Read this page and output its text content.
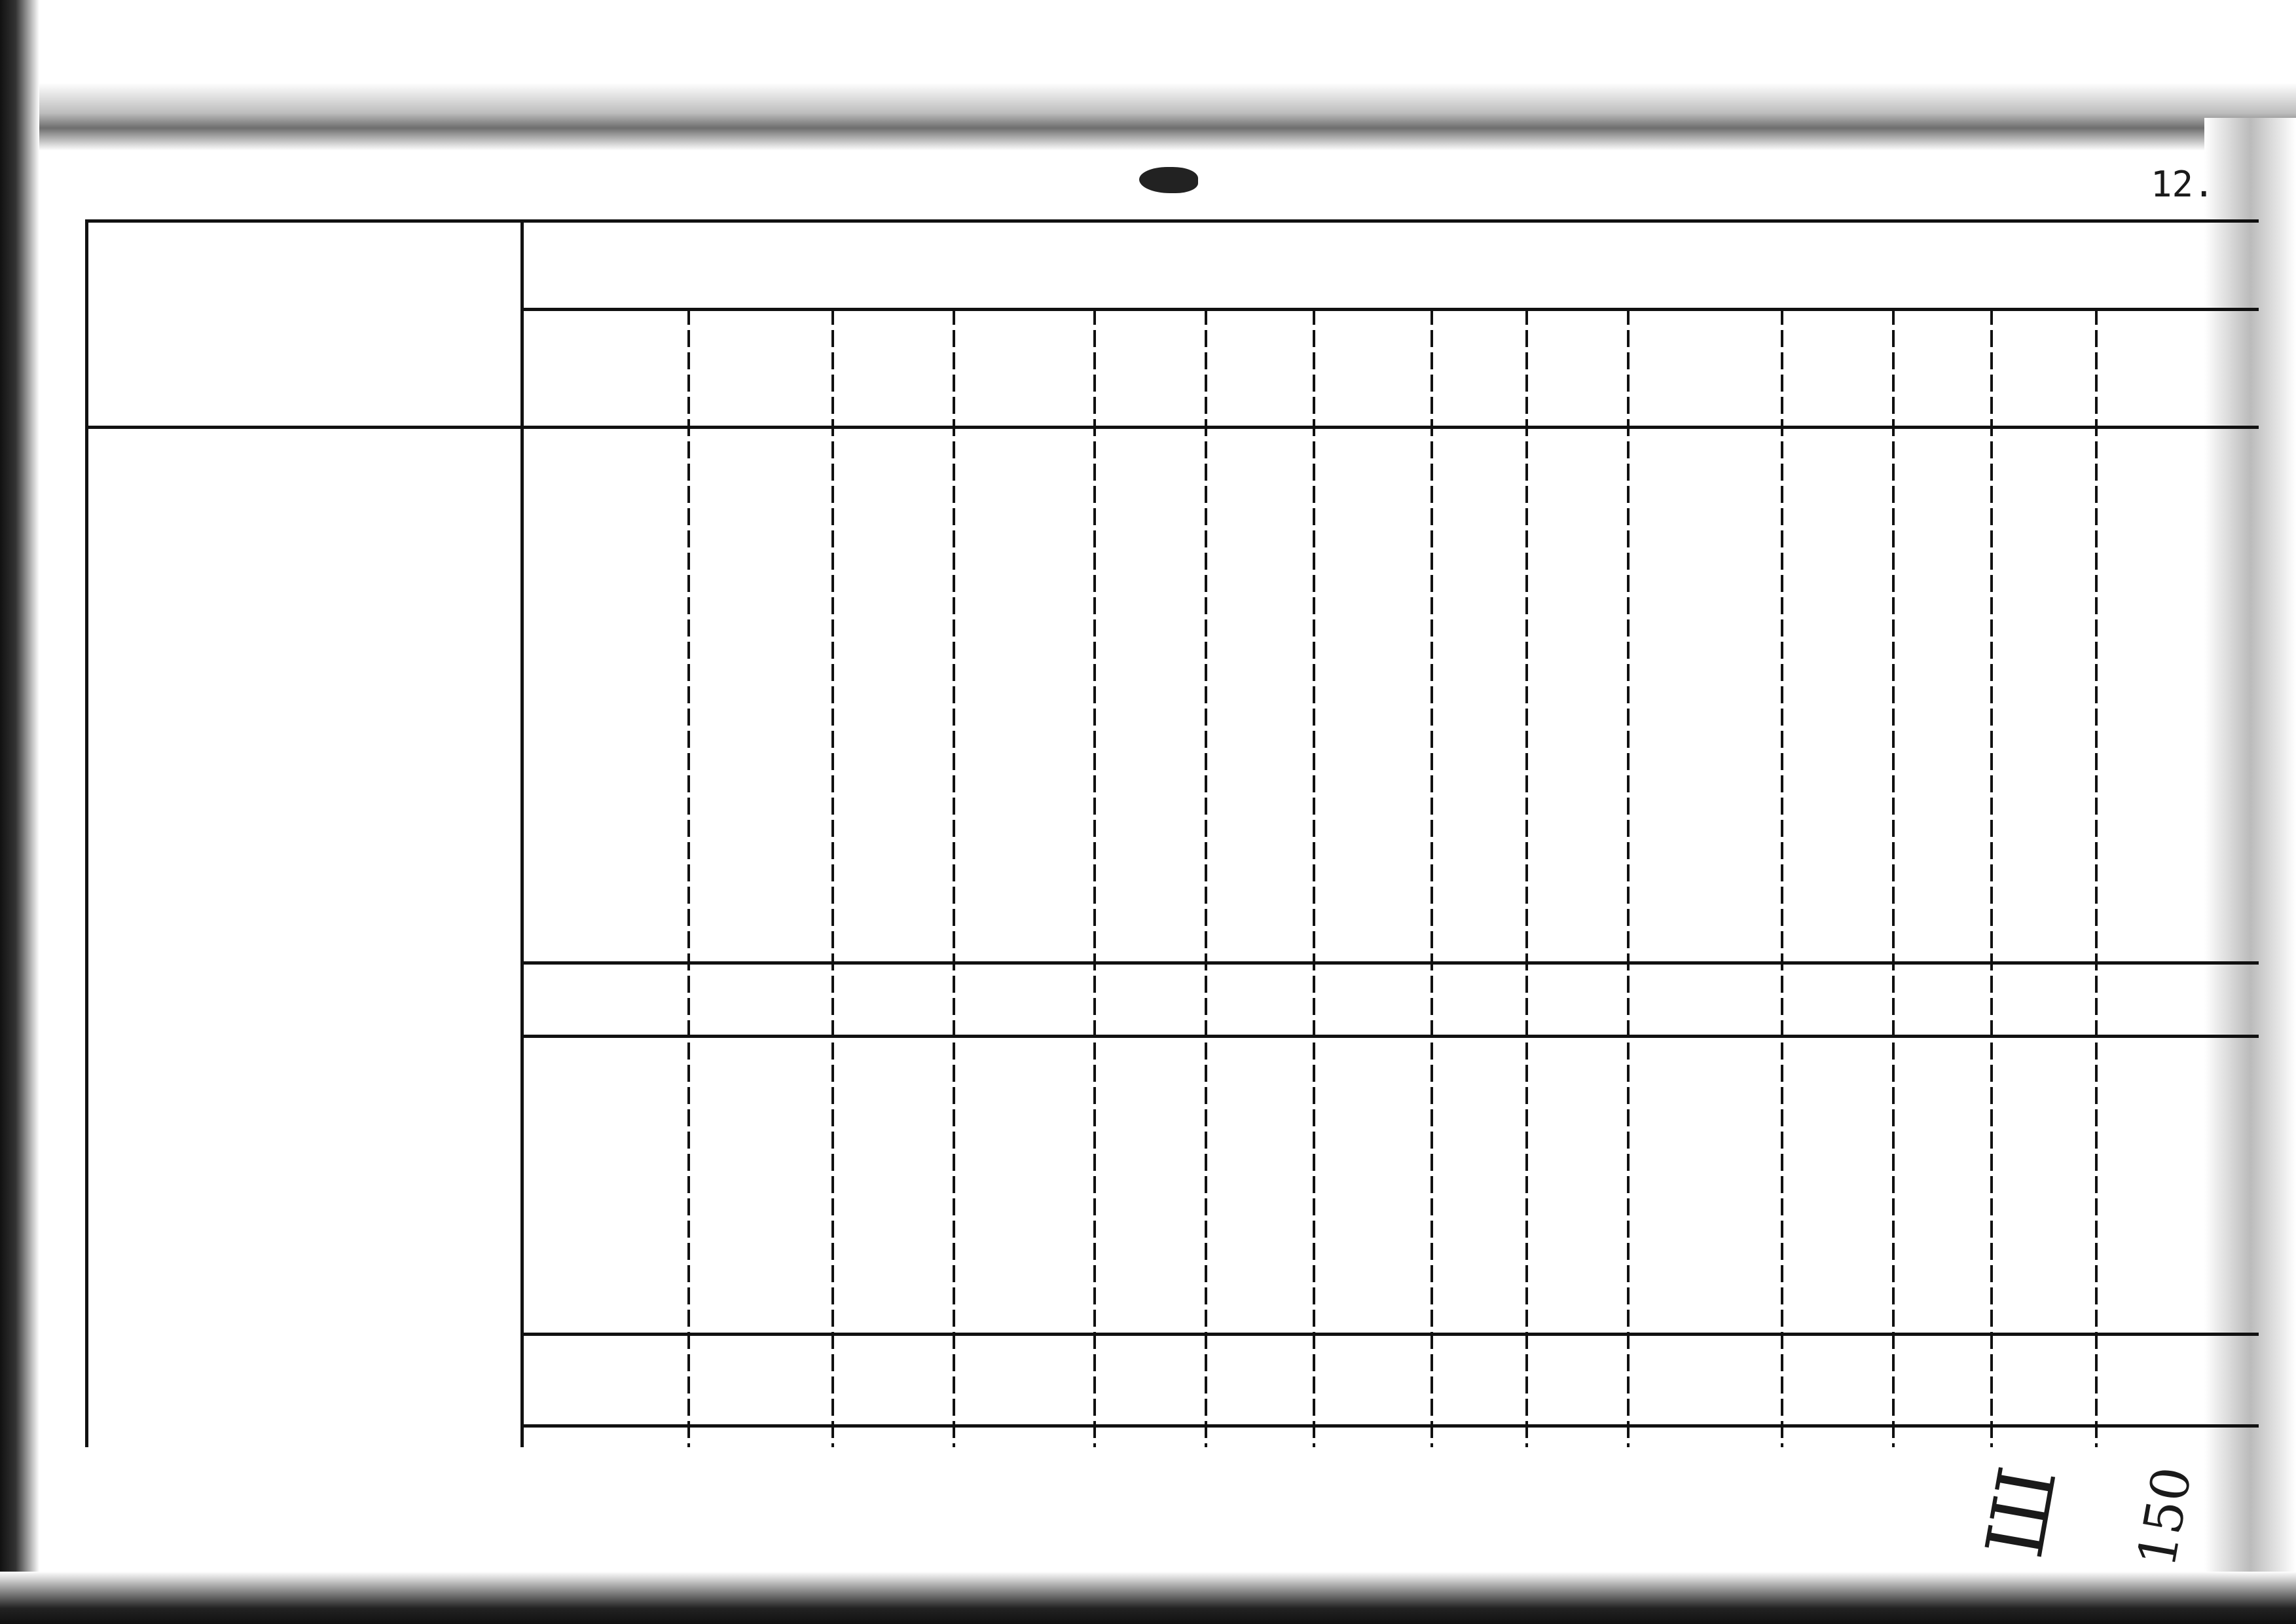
12.
Ш 150
